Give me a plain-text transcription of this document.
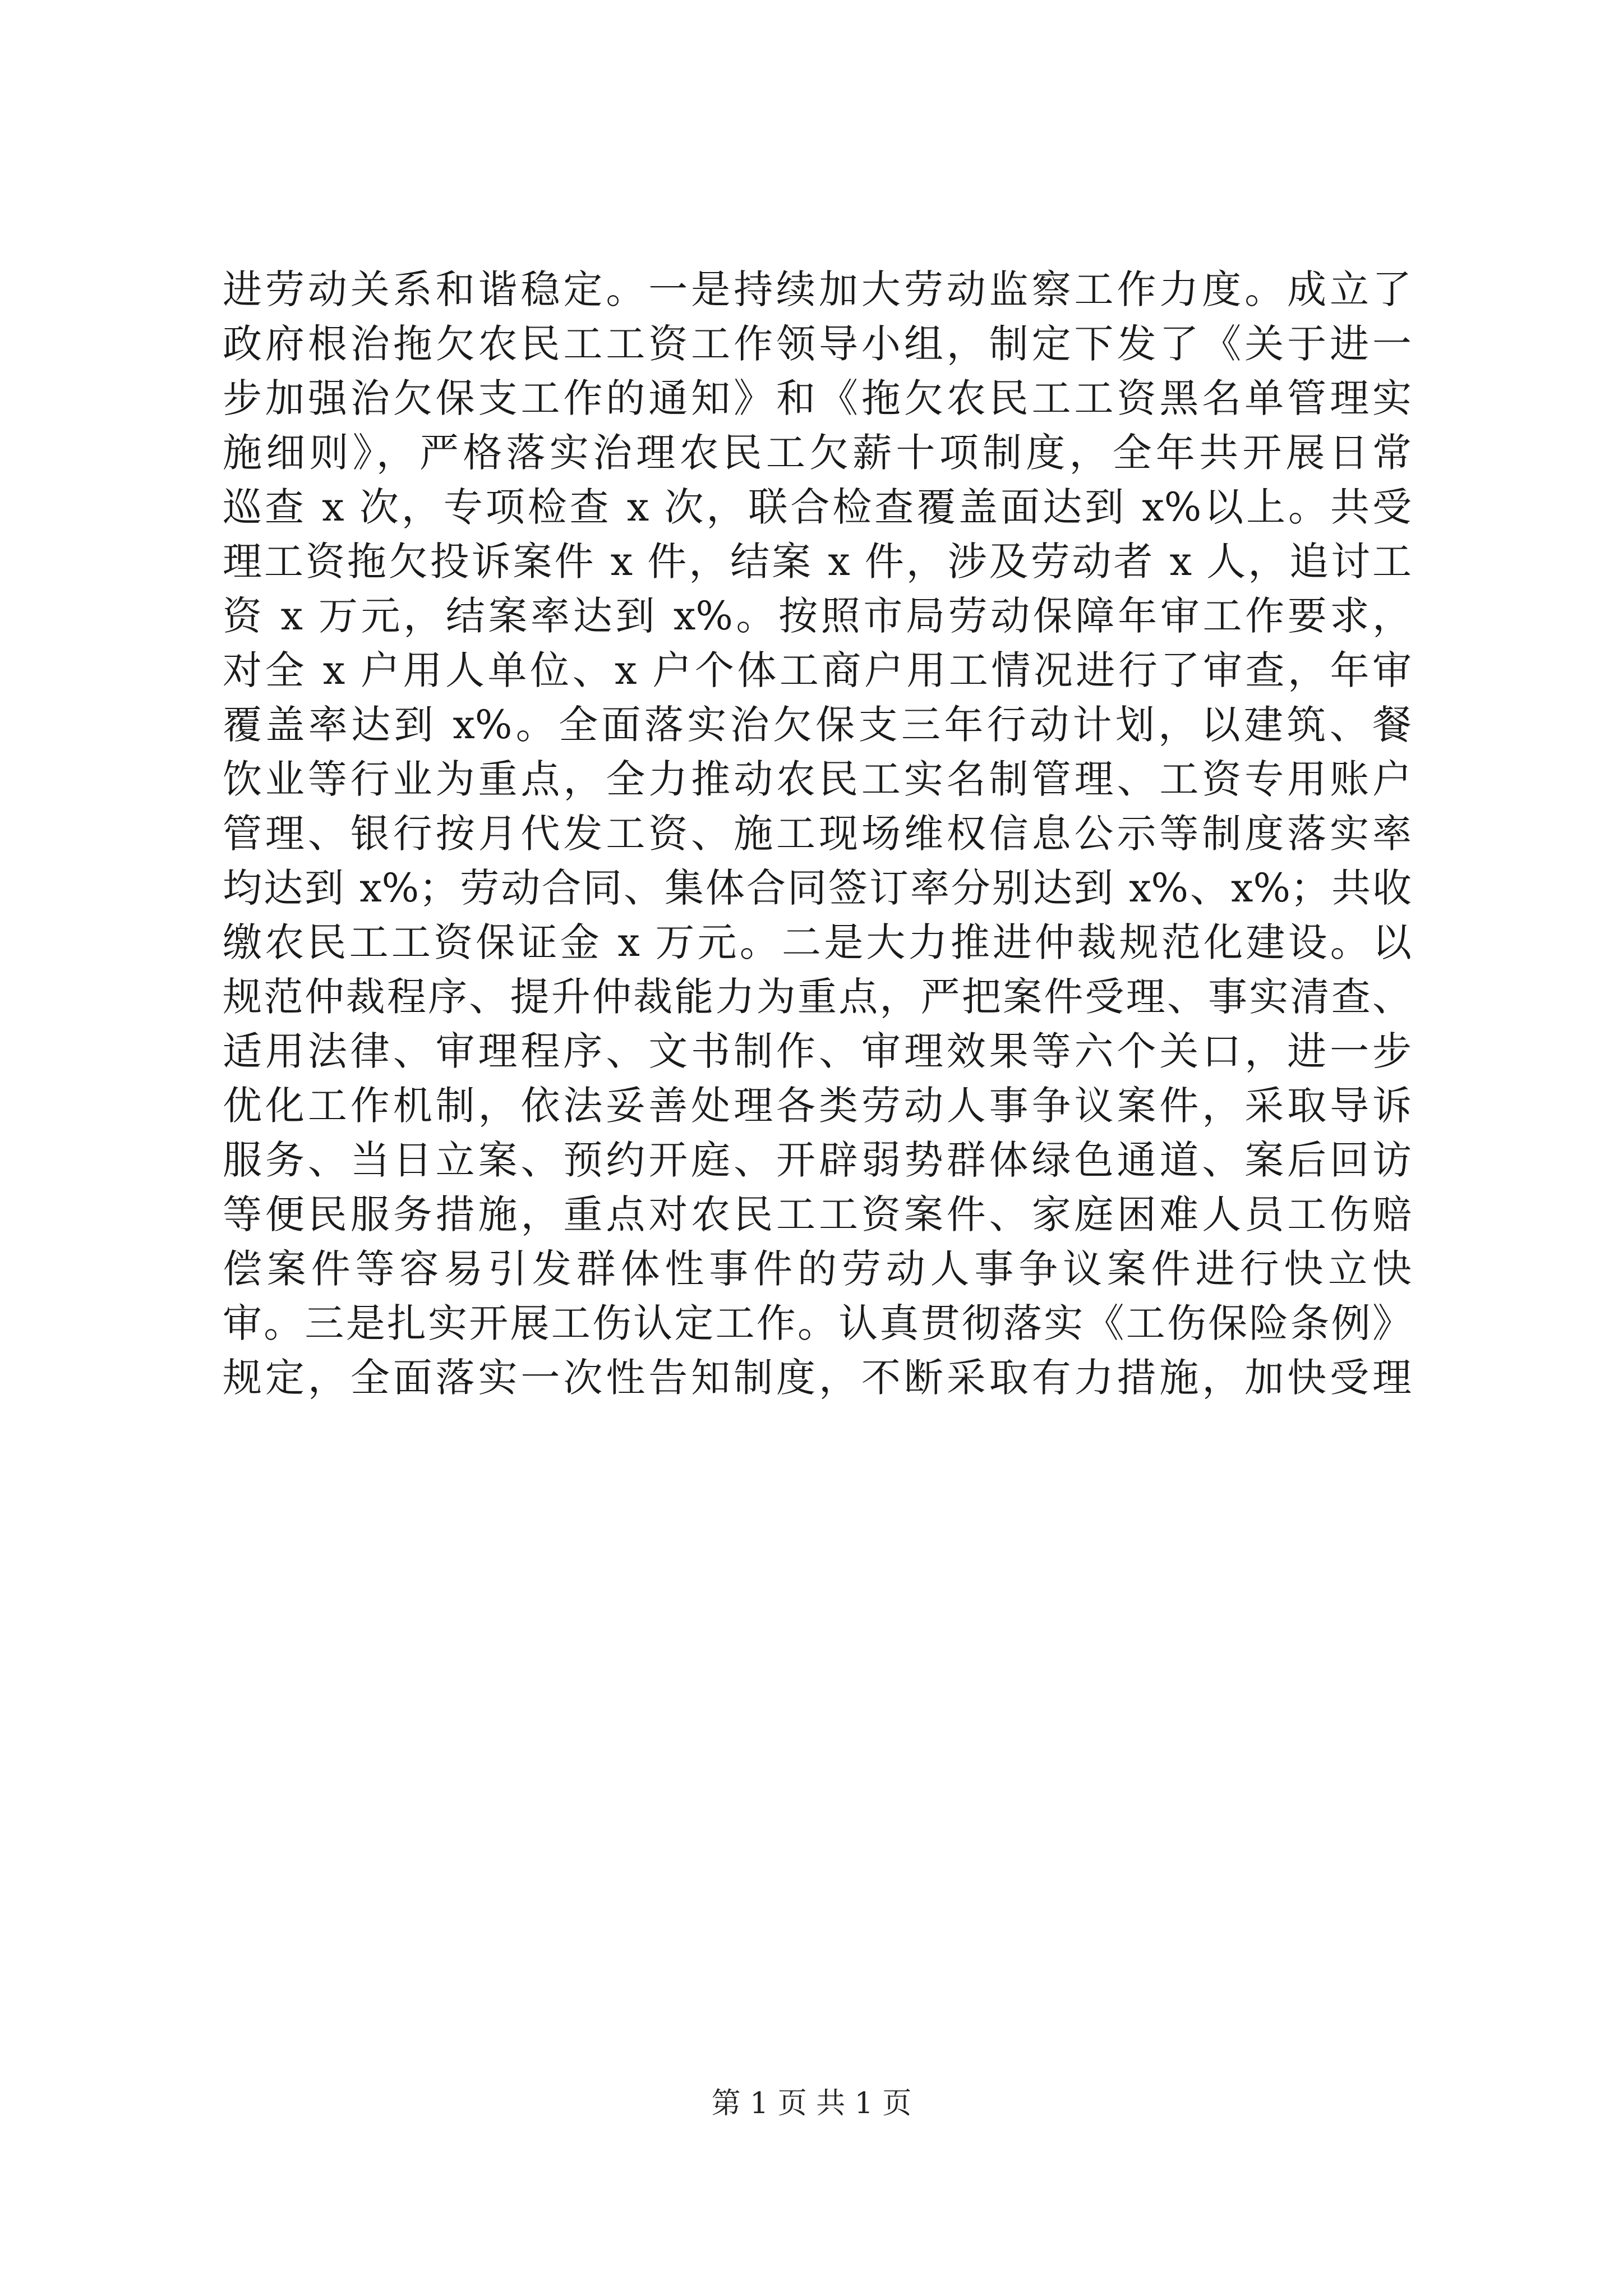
进劳动关系和谐稳定。一是持续加大劳动监察工作力度。成立了
政府根治拖欠农民工工资工作领导小组，制定下发了《关于进一
步加强治欠保支工作的通知》和《拖欠农民工工资黑名单管理实
施细则》，严格落实治理农民工欠薪十项制度，全年共开展日常
巡查 x 次，专项检查 x 次，联合检查覆盖面达到 x%以上。共受
理工资拖欠投诉案件 x 件，结案 x 件，涉及劳动者 x 人，追讨工
资 x 万元，结案率达到 x%。按照市局劳动保障年审工作要求，
对全 x 户用人单位、x 户个体工商户用工情况进行了审查，年审
覆盖率达到 x%。全面落实治欠保支三年行动计划，以建筑、餐
饮业等行业为重点，全力推动农民工实名制管理、工资专用账户
管理、银行按月代发工资、施工现场维权信息公示等制度落实率
均达到 x%；劳动合同、集体合同签订率分别达到 x%、x%；共收
缴农民工工资保证金 x 万元。二是大力推进仲裁规范化建设。以
规范仲裁程序、提升仲裁能力为重点，严把案件受理、事实清查、
适用法律、审理程序、文书制作、审理效果等六个关口，进一步
优化工作机制，依法妥善处理各类劳动人事争议案件，采取导诉
服务、当日立案、预约开庭、开辟弱势群体绿色通道、案后回访
等便民服务措施，重点对农民工工资案件、家庭困难人员工伤赔
偿案件等容易引发群体性事件的劳动人事争议案件进行快立快
审。三是扎实开展工伤认定工作。认真贯彻落实《工伤保险条例》
规定，全面落实一次性告知制度，不断采取有力措施，加快受理
第 1 页 共 1 页
